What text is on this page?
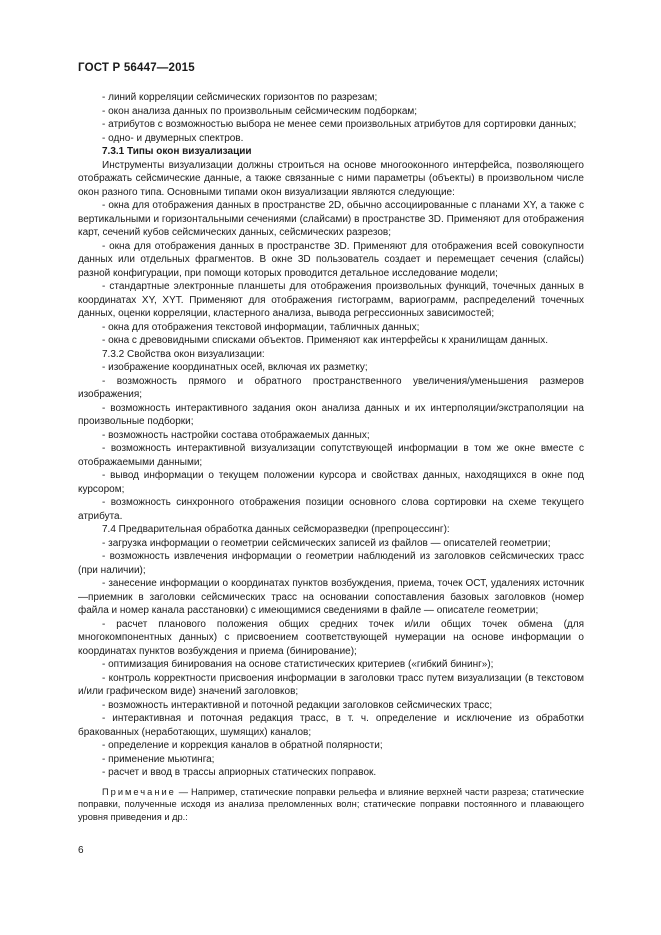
ГОСТ Р 56447—2015

- линий корреляции сейсмических горизонтов по разрезам;

- окон анализа данных по произвольным сейсмическим подборкам;

- атрибутов с возможностью выбора не менее семи произвольных атрибутов для сортировки данных;

- одно- и двумерных спектров.

7.3.1 Типы окон визуализации

Инструменты визуализации должны строиться на основе многооконного интерфейса, позволяющего отображать сейсмические данные, а также связанные с ними параметры (объекты) в произвольном числе окон разного типа. Основными типами окон визуализации являются следующие:

- окна для отображения данных в пространстве 2D, обычно ассоциированные с планами XY, а также с вертикальными и горизонтальными сечениями (слайсами) в пространстве 3D. Применяют для отображения карт, сечений кубов сейсмических данных, сейсмических разрезов;

- окна для отображения данных в пространстве 3D. Применяют для отображения всей совокупности данных или отдельных фрагментов. В окне 3D пользователь создает и перемещает сечения (слайсы) разной конфигурации, при помощи которых проводится детальное исследование модели;

- стандартные электронные планшеты для отображения произвольных функций, точечных данных в координатах XY, XYT. Применяют для отображения гистограмм, вариограмм, распределений точечных данных, оценки корреляции, кластерного анализа, вывода регрессионных зависимостей;

- окна для отображения текстовой информации, табличных данных;

- окна с древовидными списками объектов. Применяют как интерфейсы к хранилищам данных.

7.3.2 Свойства окон визуализации:

- изображение координатных осей, включая их разметку;

- возможность прямого и обратного пространственного увеличения/уменьшения размеров изображения;

- возможность интерактивного задания окон анализа данных и их интерполяции/экстраполяции на произвольные подборки;

- возможность настройки состава отображаемых данных;

- возможность интерактивной визуализации сопутствующей информации в том же окне вместе с отображаемыми данными;

- вывод информации о текущем положении курсора и свойствах данных, находящихся в окне под курсором;

- возможность синхронного отображения позиции основного слова сортировки на схеме текущего атрибута.

7.4 Предварительная обработка данных сейсморазведки (препроцессинг):

- загрузка информации о геометрии сейсмических записей из файлов — описателей геометрии;

- возможность извлечения информации о геометрии наблюдений из заголовков сейсмических трасс (при наличии);

- занесение информации о координатах пунктов возбуждения, приема, точек ОСТ, удалениях источник—приемник в заголовки сейсмических трасс на основании сопоставления базовых заголовков (номер файла и номер канала расстановки) с имеющимися сведениями в файле — описателе геометрии;

- расчет планового положения общих средних точек и/или общих точек обмена (для многокомпонентных данных) с присвоением соответствующей нумерации на основе информации о координатах пунктов возбуждения и приема (бинирование);

- оптимизация бинирования на основе статистических критериев («гибкий бининг»);

- контроль корректности присвоения информации в заголовки трасс путем визуализации (в текстовом и/или графическом виде) значений заголовков;

- возможность интерактивной и поточной редакции заголовков сейсмических трасс;

- интерактивная и поточная редакция трасс, в т. ч. определение и исключение из обработки бракованных (неработающих, шумящих) каналов;

- определение и коррекция каналов в обратной полярности;

- применение мьютинга;

- расчет и ввод в трассы априорных статических поправок.

Примечание — Например, статические поправки рельефа и влияние верхней части разреза; статические поправки, полученные исходя из анализа преломленных волн; статические поправки постоянного и плавающего уровня приведения и др.:

6
